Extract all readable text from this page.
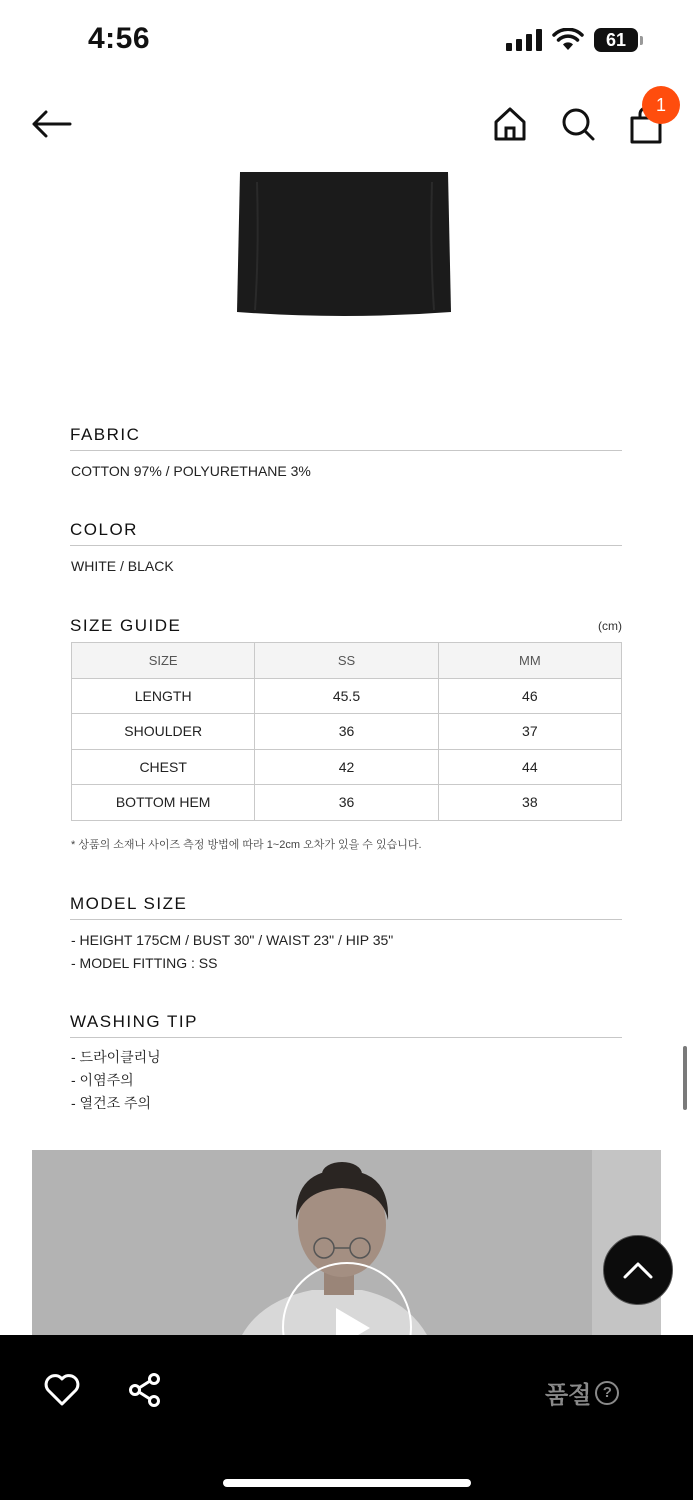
4:56	61
1
FABRIC
COTTON 97% / POLYURETHANE 3%
COLOR
WHITE / BLACK
SIZE GUIDE	(cm)
SIZE	SS	MM
LENGTH	45.5	46
SHOULDER	36	37
CHEST	42	44
BOTTOM HEM	36	38
* 상품의 소재나 사이즈 측정 방법에 따라 1~2cm 오차가 있을 수 있습니다.
MODEL SIZE
- HEIGHT 175CM / BUST 30" / WAIST 23" / HIP 35"
- MODEL FITTING : SS
WASHING TIP
- 드라이클리닝
- 이염주의
- 열건조 주의
품절 ?
